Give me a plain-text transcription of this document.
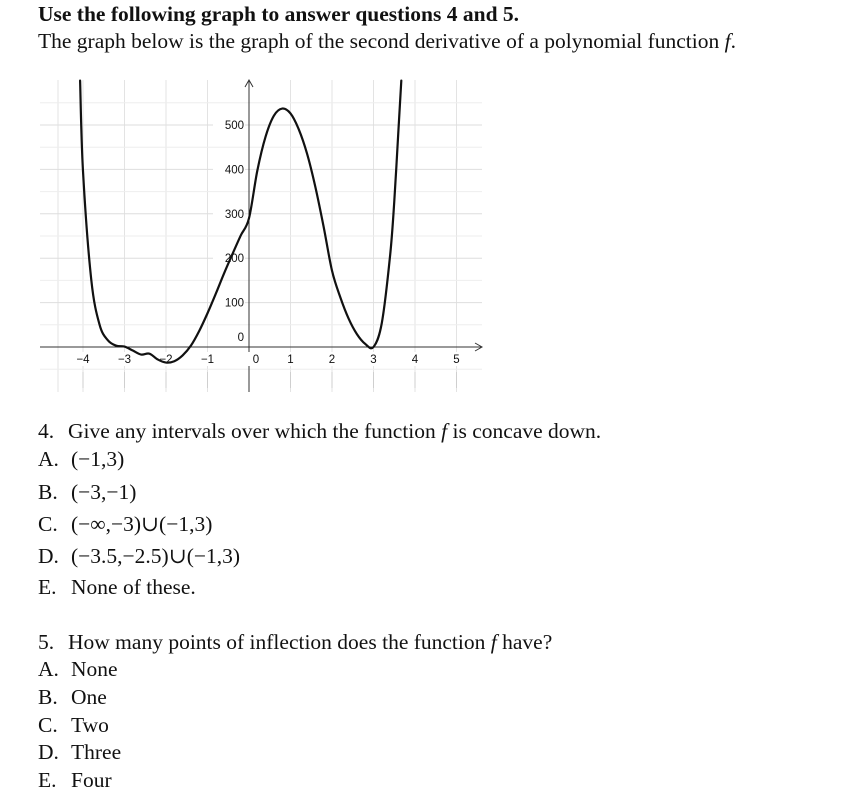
Use the following graph to answer questions 4 and 5.
The graph below is the graph of the second derivative of a polynomial function f.
−4 −3 −2 −1	0 1	2	3	4	5
0
100
200
300
400
500
4. Give any intervals over which the function f is concave down.
A. (−1,3)
B. (−3,−1)
C. (−∞,−3)∪(−1,3)
D. (−3.5,−2.5)∪(−1,3)
E. None of these.
5. How many points of inflection does the function f have?
A. None
B. One
C. Two
D. Three
E. Four
